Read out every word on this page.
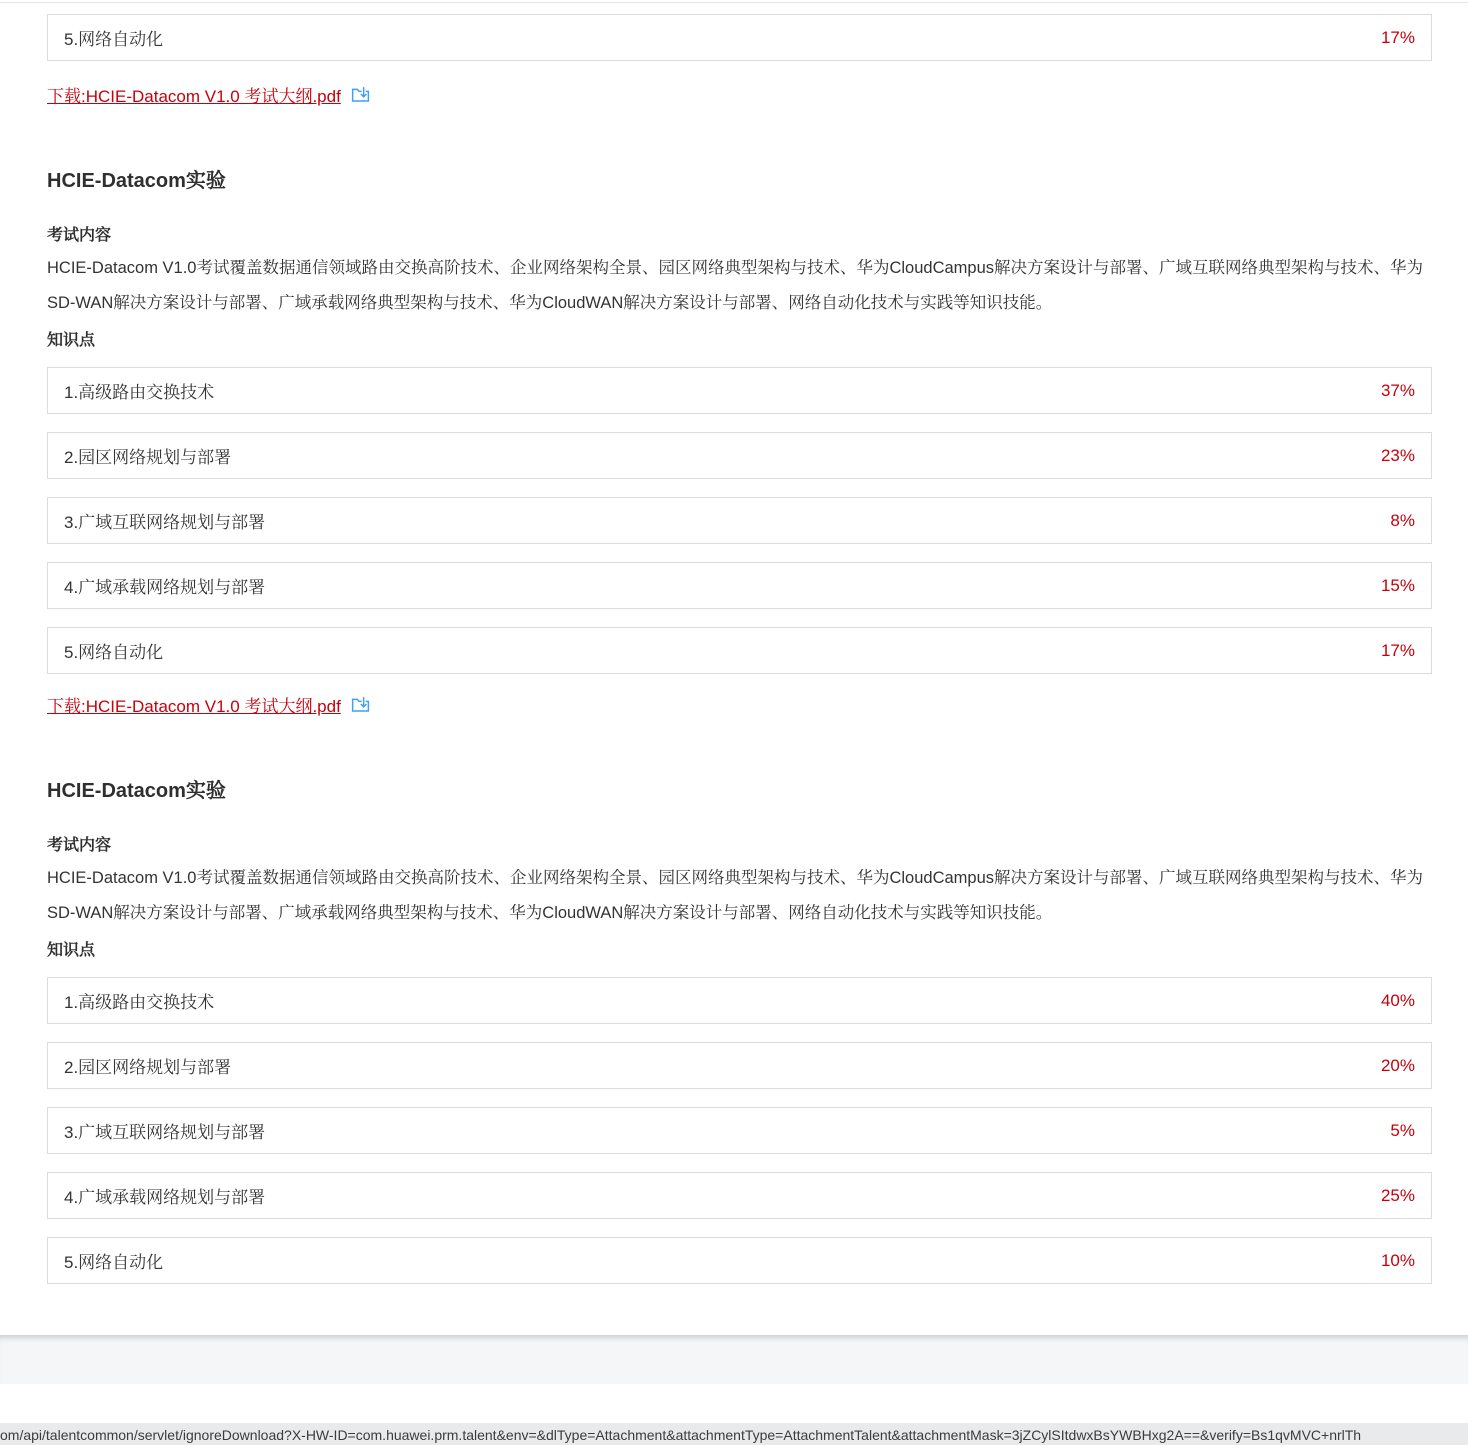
5.网络自动化	17%
下载:HCIE-Datacom V1.0 考试大纲.pdf
HCIE-Datacom实验
考试内容
HCIE-Datacom V1.0考试覆盖数据通信领域路由交换高阶技术、企业网络架构全景、园区网络典型架构与技术、华为CloudCampus解决方案设计与部署、广域互联网络典型架构与技术、华为SD-WAN解决方案设计与部署、广域承载网络典型架构与技术、华为CloudWAN解决方案设计与部署、网络自动化技术与实践等知识技能。
知识点
1.高级路由交换技术	37%
2.园区网络规划与部署	23%
3.广域互联网络规划与部署	8%
4.广域承载网络规划与部署	15%
5.网络自动化	17%
下载:HCIE-Datacom V1.0 考试大纲.pdf
HCIE-Datacom实验
考试内容
HCIE-Datacom V1.0考试覆盖数据通信领域路由交换高阶技术、企业网络架构全景、园区网络典型架构与技术、华为CloudCampus解决方案设计与部署、广域互联网络典型架构与技术、华为SD-WAN解决方案设计与部署、广域承载网络典型架构与技术、华为CloudWAN解决方案设计与部署、网络自动化技术与实践等知识技能。
知识点
1.高级路由交换技术	40%
2.园区网络规划与部署	20%
3.广域互联网络规划与部署	5%
4.广域承载网络规划与部署	25%
5.网络自动化	10%
om/api/talentcommon/servlet/ignoreDownload?X-HW-ID=com.huawei.prm.talent&env=&dlType=Attachment&attachmentType=AttachmentTalent&attachmentMask=3jZCylSItdwxBsYWBHxg2A==&verify=Bs1qvMVC+nrlTh
